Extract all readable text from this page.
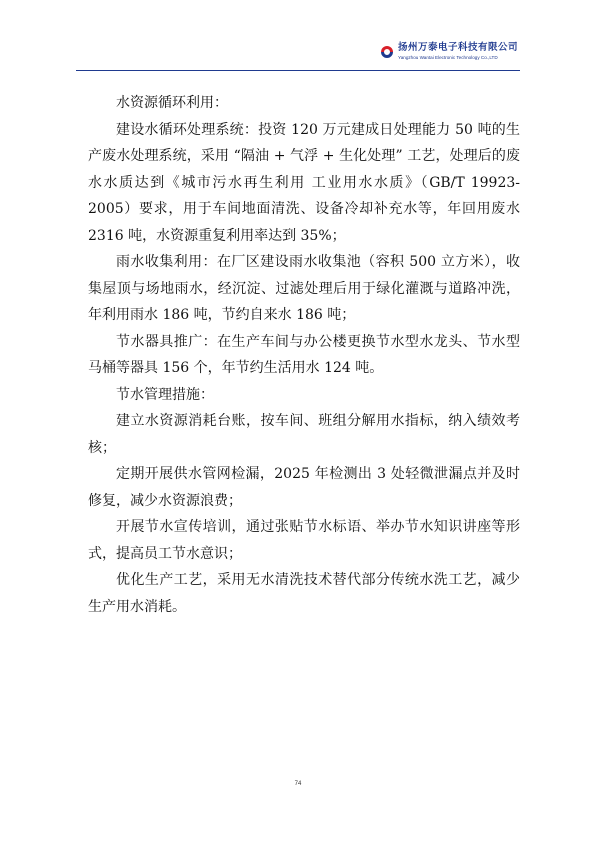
扬州万泰电子科技有限公司
Yangzhou Wantai Electronic Technology Co.,LTD

水资源循环利用：

建设水循环处理系统：投资 120 万元建成日处理能力 50 吨的生产废水处理系统，采用 “隔油 + 气浮 + 生化处理” 工艺，处理后的废水水质达到《城市污水再生利用 工业用水水质》（GB/T 19923-2005）要求，用于车间地面清洗、设备冷却补充水等，年回用废水 2316 吨，水资源重复利用率达到 35%；

雨水收集利用：在厂区建设雨水收集池（容积 500 立方米），收集屋顶与场地雨水，经沉淀、过滤处理后用于绿化灌溉与道路冲洗，年利用雨水 186 吨，节约自来水 186 吨；

节水器具推广：在生产车间与办公楼更换节水型水龙头、节水型马桶等器具 156 个，年节约生活用水 124 吨。

节水管理措施：

建立水资源消耗台账，按车间、班组分解用水指标，纳入绩效考核；

定期开展供水管网检漏，2025 年检测出 3 处轻微泄漏点并及时修复，减少水资源浪费；

开展节水宣传培训，通过张贴节水标语、举办节水知识讲座等形式，提高员工节水意识；

优化生产工艺，采用无水清洗技术替代部分传统水洗工艺，减少生产用水消耗。

74
